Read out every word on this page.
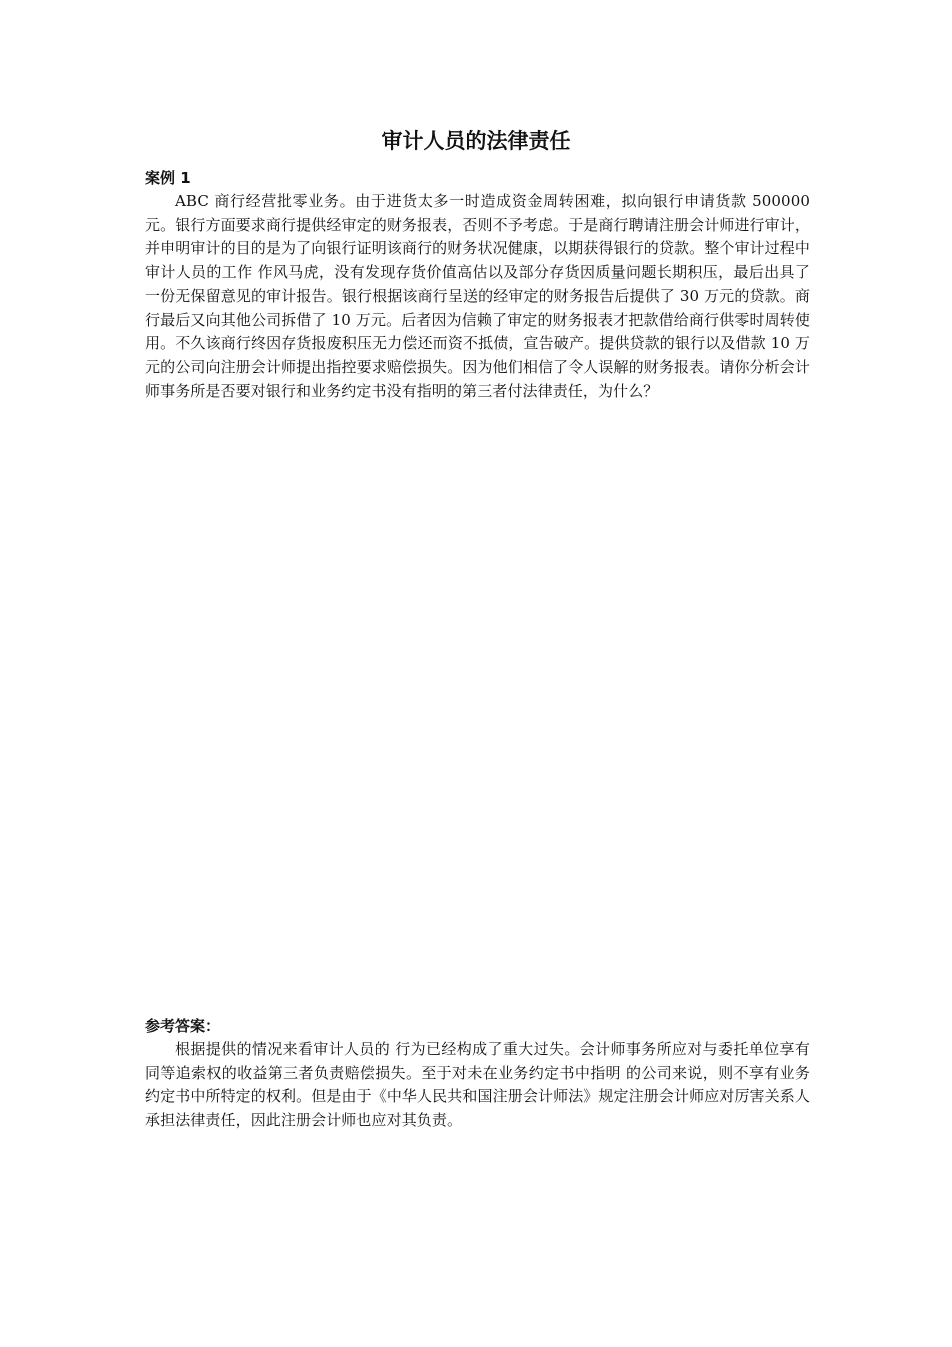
审计人员的法律责任

案例 1

ABC 商行经营批零业务。由于进货太多一时造成资金周转困难，拟向银行申请货款 500000 元。银行方面要求商行提供经审定的财务报表，否则不予考虑。于是商行聘请注册会计师进行审计，并申明审计的目的是为了向银行证明该商行的财务状况健康，以期获得银行的贷款。整个审计过程中审计人员的工作 作风马虎，没有发现存货价值高估以及部分存货因质量问题长期积压，最后出具了一份无保留意见的审计报告。银行根据该商行呈送的经审定的财务报告后提供了 30 万元的贷款。商行最后又向其他公司拆借了 10 万元。后者因为信赖了审定的财务报表才把款借给商行供零时周转使用。不久该商行终因存货报废积压无力偿还而资不抵债，宣告破产。提供贷款的银行以及借款 10 万元的公司向注册会计师提出指控要求赔偿损失。因为他们相信了令人误解的财务报表。请你分析会计师事务所是否要对银行和业务约定书没有指明的第三者付法律责任，为什么？

参考答案：

根据提供的情况来看审计人员的 行为已经构成了重大过失。会计师事务所应对与委托单位享有同等追索权的收益第三者负责赔偿损失。至于对未在业务约定书中指明 的公司来说，则不享有业务约定书中所特定的权利。但是由于《中华人民共和国注册会计师法》规定注册会计师应对厉害关系人承担法律责任，因此注册会计师也应对其负责。
